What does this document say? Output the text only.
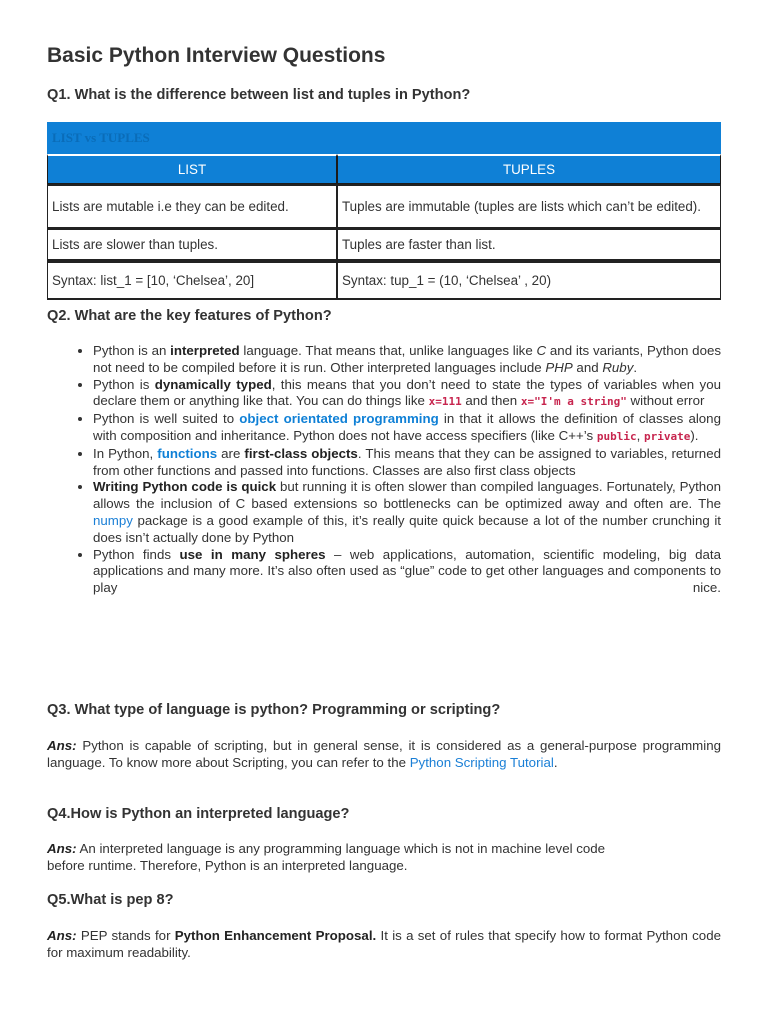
Basic Python Interview Questions
Q1. What is the difference between list and tuples in Python?
LIST vs TUPLES
LIST	TUPLES
Lists are mutable i.e they can be edited.	Tuples are immutable (tuples are lists which can’t be edited).
Lists are slower than tuples.	Tuples are faster than list.
Syntax: list_1 = [10, ‘Chelsea’, 20]	Syntax: tup_1 = (10, ‘Chelsea’ , 20)
Q2. What are the key features of Python?
• Python is an interpreted language. That means that, unlike languages like C and its variants, Python does not need to be compiled before it is run. Other interpreted languages include PHP and Ruby.
• Python is dynamically typed, this means that you don’t need to state the types of variables when you declare them or anything like that. You can do things like x=111 and then x="I'm a string" without error
• Python is well suited to object orientated programming in that it allows the definition of classes along with composition and inheritance. Python does not have access specifiers (like C++’s public, private).
• In Python, functions are first-class objects. This means that they can be assigned to variables, returned from other functions and passed into functions. Classes are also first class objects
• Writing Python code is quick but running it is often slower than compiled languages. Fortunately, Python allows the inclusion of C based extensions so bottlenecks can be optimized away and often are. The numpy package is a good example of this, it’s really quite quick because a lot of the number crunching it does isn’t actually done by Python
• Python finds use in many spheres – web applications, automation, scientific modeling, big data applications and many more. It’s also often used as “glue” code to get other languages and components to play nice.
Q3. What type of language is python? Programming or scripting?

Ans: Python is capable of scripting, but in general sense, it is considered as a general-purpose programming language. To know more about Scripting, you can refer to the Python Scripting Tutorial.

Q4.How is Python an interpreted language?

Ans: An interpreted language is any programming language which is not in machine level code
before runtime. Therefore, Python is an interpreted language.

Q5.What is pep 8?

Ans: PEP stands for Python Enhancement Proposal. It is a set of rules that specify how to format Python code for maximum readability.
